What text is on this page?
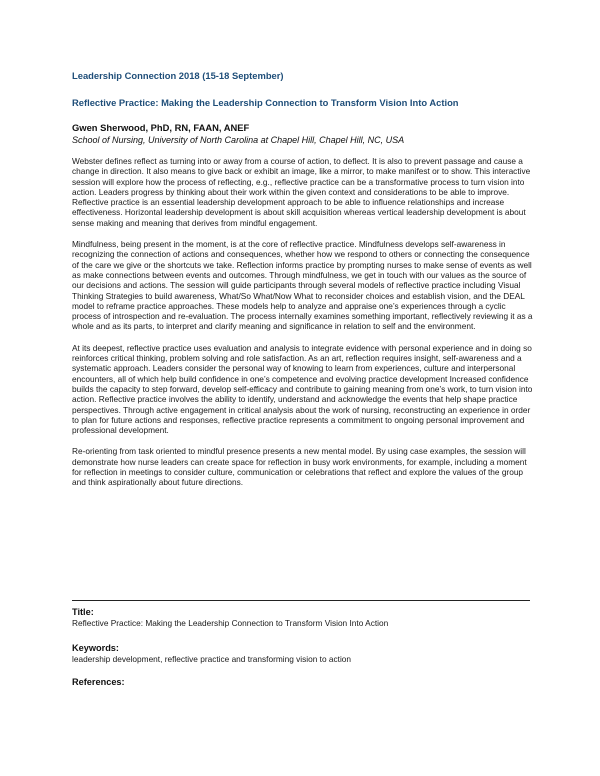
Leadership Connection 2018 (15-18 September)
Reflective Practice: Making the Leadership Connection to Transform Vision Into Action
Gwen Sherwood, PhD, RN, FAAN, ANEF
School of Nursing, University of North Carolina at Chapel Hill, Chapel Hill, NC, USA

Webster defines reflect as turning into or away from a course of action, to deflect. It is also to prevent passage and cause a change in direction. It also means to give back or exhibit an image, like a mirror, to make manifest or to show. This interactive session will explore how the process of reflecting, e.g., reflective practice can be a transformative process to turn vision into action. Leaders progress by thinking about their work within the given context and considerations to be able to improve. Reflective practice is an essential leadership development approach to be able to influence relationships and increase effectiveness. Horizontal leadership development is about skill acquisition whereas vertical leadership development is about sense making and meaning that derives from mindful engagement.

Mindfulness, being present in the moment, is at the core of reflective practice. Mindfulness develops self-awareness in recognizing the connection of actions and consequences, whether how we respond to others or connecting the consequence of the care we give or the shortcuts we take. Reflection informs practice by prompting nurses to make sense of events as well as make connections between events and outcomes. Through mindfulness, we get in touch with our values as the source of our decisions and actions. The session will guide participants through several models of reflective practice including Visual Thinking Strategies to build awareness, What/So What/Now What to reconsider choices and establish vision, and the DEAL model to reframe practice approaches. These models help to analyze and appraise one’s experiences through a cyclic process of introspection and re-evaluation. The process internally examines something important, reflectively reviewing it as a whole and as its parts, to interpret and clarify meaning and significance in relation to self and the environment.

At its deepest, reflective practice uses evaluation and analysis to integrate evidence with personal experience and in doing so reinforces critical thinking, problem solving and role satisfaction. As an art, reflection requires insight, self-awareness and a systematic approach. Leaders consider the personal way of knowing to learn from experiences, culture and interpersonal encounters, all of which help build confidence in one’s competence and evolving practice development Increased confidence builds the capacity to step forward, develop self-efficacy and contribute to gaining meaning from one’s work, to turn vision into action. Reflective practice involves the ability to identify, understand and acknowledge the events that help shape practice perspectives. Through active engagement in critical analysis about the work of nursing, reconstructing an experience in order to plan for future actions and responses, reflective practice represents a commitment to ongoing personal improvement and professional development.

Re-orienting from task oriented to mindful presence presents a new mental model. By using case examples, the session will demonstrate how nurse leaders can create space for reflection in busy work environments, for example, including a moment for reflection in meetings to consider culture, communication or celebrations that reflect and explore the values of the group and think aspirationally about future directions.

Title:
Reflective Practice: Making the Leadership Connection to Transform Vision Into Action
Keywords:
leadership development, reflective practice and transforming vision to action
References:
